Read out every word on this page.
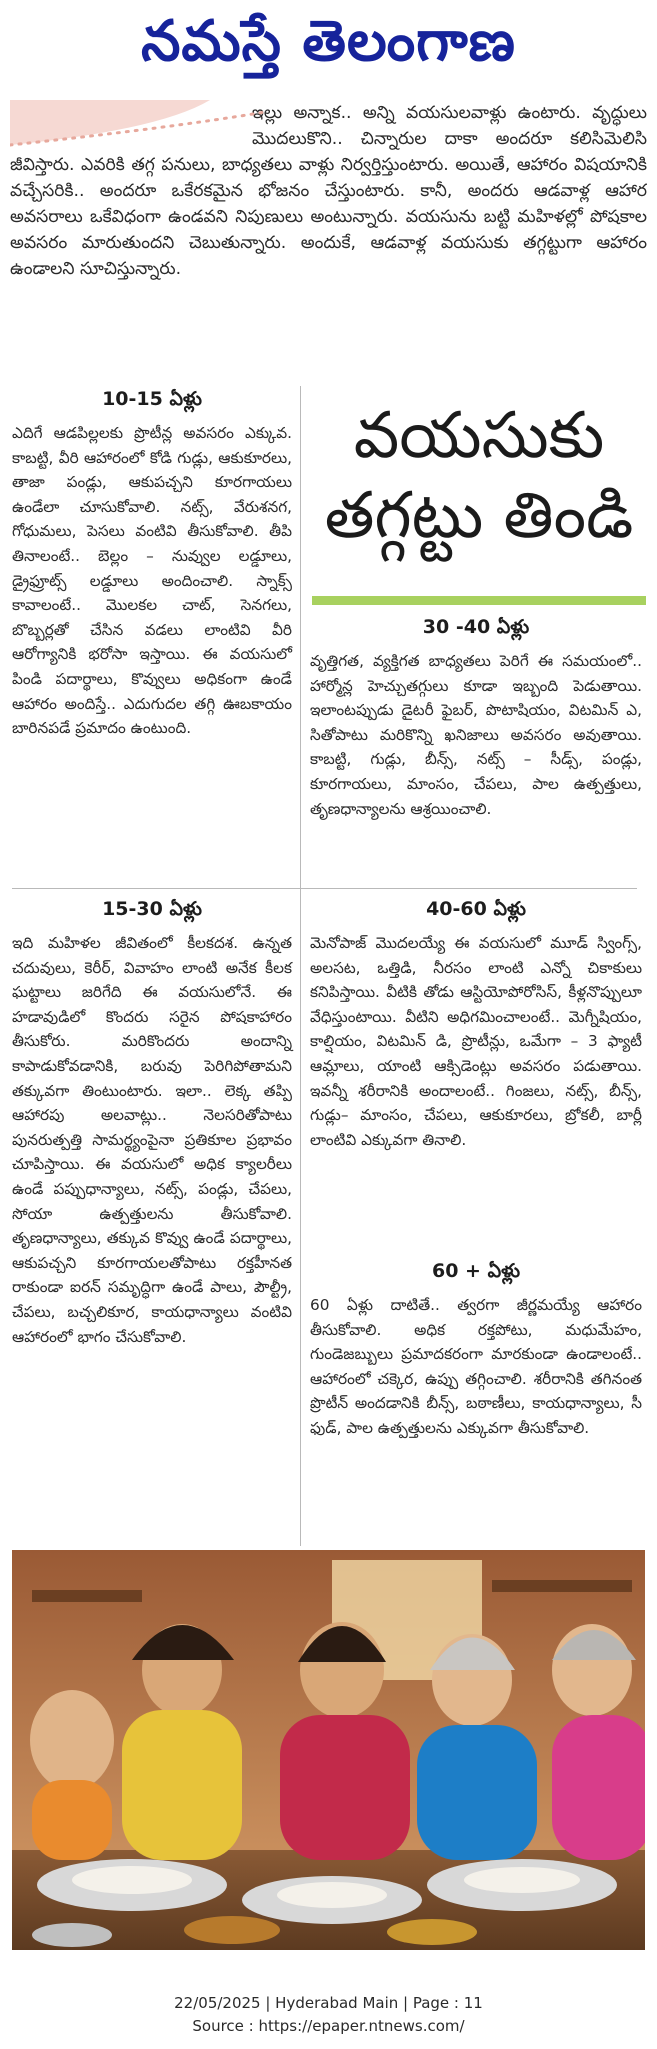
నమస్తే తెలంగాణ

ఇల్లు అన్నాక.. అన్ని వయసులవాళ్లు ఉంటారు. వృద్ధులు మొదలుకొని.. చిన్నారుల దాకా అందరూ కలిసిమెలిసి జీవిస్తారు. ఎవరికి తగ్గ పనులు, బాధ్యతలు వాళ్లు నిర్వర్తిస్తుంటారు. అయితే, ఆహారం విషయానికి వచ్చేసరికి.. అందరూ ఒకేరకమైన భోజనం చేస్తుంటారు. కానీ, అందరు ఆడవాళ్ల ఆహార అవసరాలు ఒకేవిధంగా ఉండవని నిపుణులు అంటున్నారు. వయసును బట్టి మహిళల్లో పోషకాల అవసరం మారుతుందని చెబుతున్నారు. అందుకే, ఆడవాళ్ల వయసుకు తగ్గట్టుగా ఆహారం ఉండాలని సూచిస్తున్నారు.

10-15 ఏళ్లు

ఎదిగే ఆడపిల్లలకు ప్రొటీన్ల అవసరం ఎక్కువ. కాబట్టి, వీరి ఆహారంలో కోడి గుడ్లు, ఆకుకూరలు, తాజా పండ్లు, ఆకుపచ్చని కూరగాయలు ఉండేలా చూసుకోవాలి. నట్స్, వేరుశనగ, గోధుమలు, పెసలు వంటివి తీసుకోవాలి. తీపి తినాలంటే.. బెల్లం – నువ్వుల లడ్డూలు, డ్రైఫ్రూట్స్ లడ్డూలు అందించాలి. స్నాక్స్ కావాలంటే.. మొలకల చాట్, సెనగలు, బొబ్బర్లతో చేసిన వడలు లాంటివి వీరి ఆరోగ్యానికి భరోసా ఇస్తాయి. ఈ వయసులో పిండి పదార్థాలు, కొవ్వులు అధికంగా ఉండే ఆహారం అందిస్తే.. ఎదుగుదల తగ్గి ఊబకాయం బారినపడే ప్రమాదం ఉంటుంది.

వయసుకు
తగ్గట్టు తిండి
30 -40 ఏళ్లు

వృత్తిగత, వ్యక్తిగత బాధ్యతలు పెరిగే ఈ సమయంలో.. హార్మోన్ల హెచ్చుతగ్గులు కూడా ఇబ్బంది పెడుతాయి. ఇలాంటప్పుడు డైటరీ ఫైబర్, పొటాషియం, విటమిన్ ఎ, సితోపాటు మరికొన్ని ఖనిజాలు అవసరం అవుతాయి. కాబట్టి, గుడ్లు, బీన్స్, నట్స్ – సీడ్స్, పండ్లు, కూరగాయలు, మాంసం, చేపలు, పాల ఉత్పత్తులు, తృణధాన్యాలను ఆశ్రయించాలి.

15-30 ఏళ్లు

ఇది మహిళల జీవితంలో కీలకదశ. ఉన్నత చదువులు, కెరీర్, వివాహం లాంటి అనేక కీలక ఘట్టాలు జరిగేది ఈ వయసులోనే. ఈ హడావుడిలో కొందరు సరైన పోషకాహారం తీసుకోరు. మరికొందరు అందాన్ని కాపాడుకోవడానికి, బరువు పెరిగిపోతామని తక్కువగా తింటుంటారు. ఇలా.. లెక్క తప్పి ఆహారపు అలవాట్లు.. నెలసరితోపాటు పునరుత్పత్తి సామర్థ్యంపైనా ప్రతికూల ప్రభావం చూపిస్తాయి. ఈ వయసులో అధిక క్యాలరీలు ఉండే పప్పుధాన్యాలు, నట్స్, పండ్లు, చేపలు, సోయా ఉత్పత్తులను తీసుకోవాలి. తృణధాన్యాలు, తక్కువ కొవ్వు ఉండే పదార్థాలు, ఆకుపచ్చని కూరగాయలతోపాటు రక్తహీనత రాకుండా ఐరన్ సమృద్ధిగా ఉండే పాలు, పౌల్ట్రీ, చేపలు, బచ్చలికూర, కాయధాన్యాలు వంటివి ఆహారంలో భాగం చేసుకోవాలి.

40-60 ఏళ్లు

మెనోపాజ్ మొదలయ్యే ఈ వయసులో మూడ్ స్వింగ్స్, అలసట, ఒత్తిడి, నీరసం లాంటి ఎన్నో చికాకులు కనిపిస్తాయి. వీటికి తోడు ఆస్టియోపోరోసిస్, కీళ్లనొప్పులూ వేధిస్తుంటాయి. వీటిని అధిగమించాలంటే.. మెగ్నీషియం, కాల్షియం, విటమిన్ డి, ప్రొటీన్లు, ఒమేగా – 3 ఫ్యాటీ ఆమ్లాలు, యాంటి ఆక్సిడెంట్లు అవసరం పడుతాయి. ఇవన్నీ శరీరానికి అందాలంటే.. గింజలు, నట్స్, బీన్స్, గుడ్లు– మాంసం, చేపలు, ఆకుకూరలు, బ్రోకలీ, బార్లీ లాంటివి ఎక్కువగా తినాలి.

60 + ఏళ్లు

60 ఏళ్లు దాటితే.. త్వరగా జీర్ణమయ్యే ఆహారం తీసుకోవాలి. అధిక రక్తపోటు, మధుమేహం, గుండెజబ్బులు ప్రమాదకరంగా మారకుండా ఉండాలంటే.. ఆహారంలో చక్కెర, ఉప్పు తగ్గించాలి. శరీరానికి తగినంత ప్రొటీన్ అందడానికి బీన్స్, బఠాణీలు, కాయధాన్యాలు, సీ ఫుడ్, పాల ఉత్పత్తులను ఎక్కువగా తీసుకోవాలి.

22/05/2025 | Hyderabad Main | Page : 11
Source : https://epaper.ntnews.com/
